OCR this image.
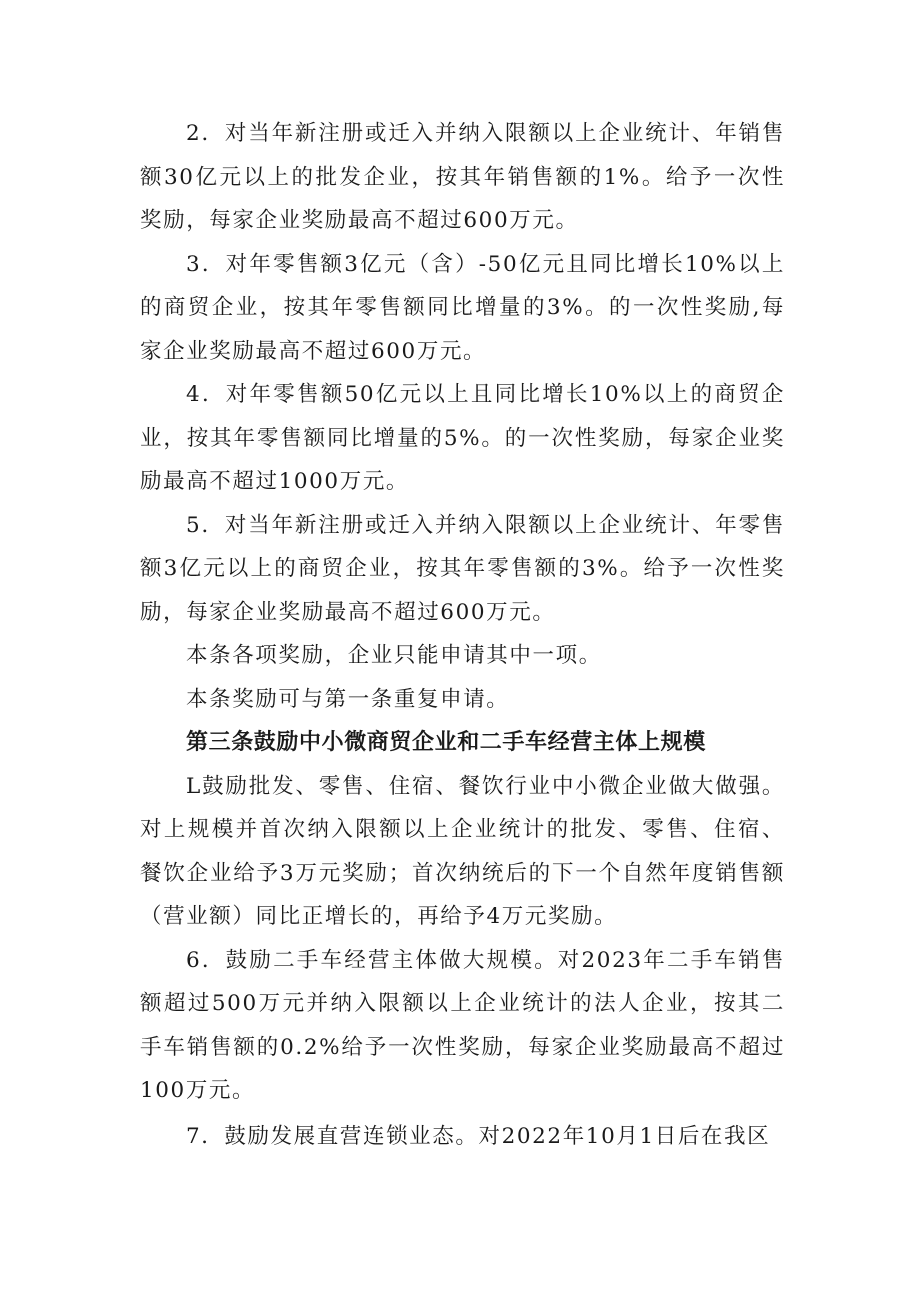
2．对当年新注册或迁入并纳入限额以上企业统计、年销售额30亿元以上的批发企业，按其年销售额的1%。给予一次性奖励，每家企业奖励最高不超过600万元。

3．对年零售额3亿元（含）-50亿元且同比增长10%以上的商贸企业，按其年零售额同比增量的3%。的一次性奖励,每家企业奖励最高不超过600万元。

4．对年零售额50亿元以上且同比增长10%以上的商贸企业，按其年零售额同比增量的5%。的一次性奖励，每家企业奖励最高不超过1000万元。

5．对当年新注册或迁入并纳入限额以上企业统计、年零售额3亿元以上的商贸企业，按其年零售额的3%。给予一次性奖励，每家企业奖励最高不超过600万元。

本条各项奖励，企业只能申请其中一项。

本条奖励可与第一条重复申请。

第三条鼓励中小微商贸企业和二手车经营主体上规模

L鼓励批发、零售、住宿、餐饮行业中小微企业做大做强。对上规模并首次纳入限额以上企业统计的批发、零售、住宿、餐饮企业给予3万元奖励；首次纳统后的下一个自然年度销售额（营业额）同比正增长的，再给予4万元奖励。

6．鼓励二手车经营主体做大规模。对2023年二手车销售额超过500万元并纳入限额以上企业统计的法人企业，按其二手车销售额的0.2%给予一次性奖励，每家企业奖励最高不超过100万元。

7．鼓励发展直营连锁业态。对2022年10月1日后在我区
